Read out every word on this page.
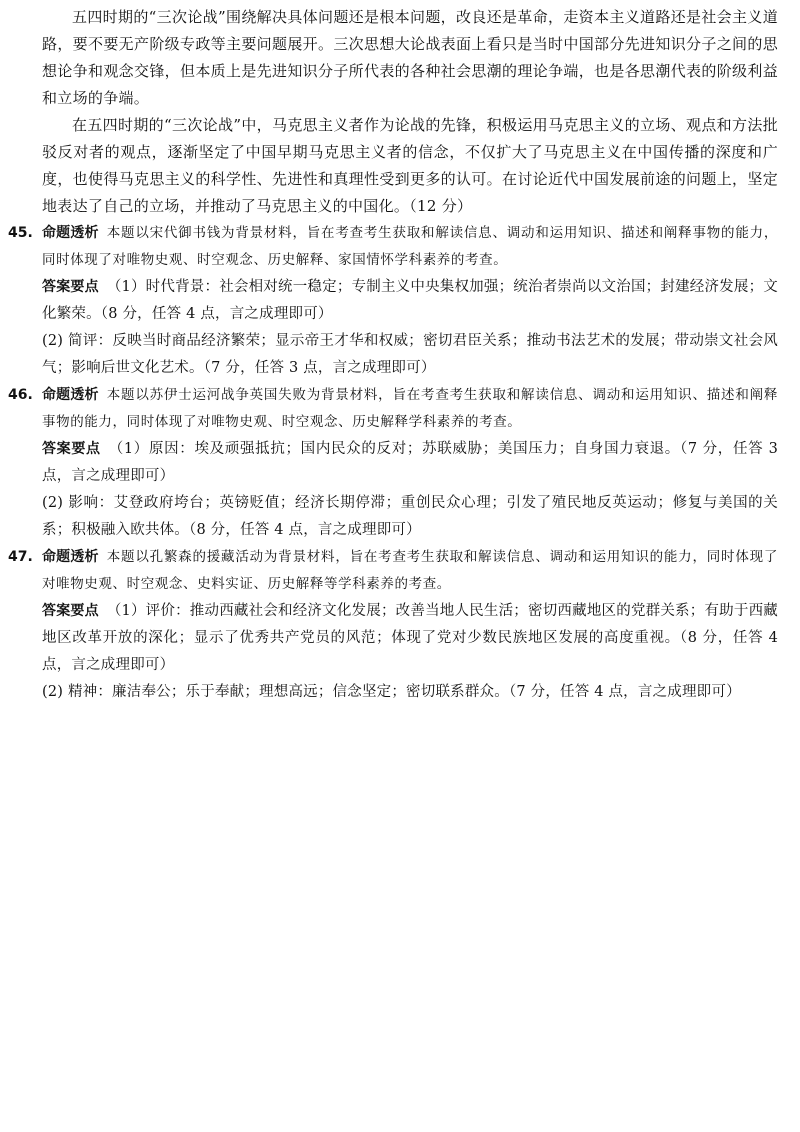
五四时期的“三次论战”围绕解决具体问题还是根本问题，改良还是革命，走资本主义道路还是社会主义道路，要不要无产阶级专政等主要问题展开。三次思想大论战表面上看只是当时中国部分先进知识分子之间的思想论争和观念交锋，但本质上是先进知识分子所代表的各种社会思潮的理论争端，也是各思潮代表的阶级利益和立场的争端。

在五四时期的“三次论战”中，马克思主义者作为论战的先锋，积极运用马克思主义的立场、观点和方法批驳反对者的观点，逐渐坚定了中国早期马克思主义者的信念，不仅扩大了马克思主义在中国传播的深度和广度，也使得马克思主义的科学性、先进性和真理性受到更多的认可。在讨论近代中国发展前途的问题上，坚定地表达了自己的立场，并推动了马克思主义的中国化。（12 分）

45. 命题透析 本题以宋代御书钱为背景材料，旨在考查考生获取和解读信息、调动和运用知识、描述和阐释事物的能力，同时体现了对唯物史观、时空观念、历史解释、家国情怀学科素养的考查。

答案要点 （1）时代背景：社会相对统一稳定；专制主义中央集权加强；统治者崇尚以文治国；封建经济发展；文化繁荣。（8 分，任答 4 点，言之成理即可）

(2) 简评：反映当时商品经济繁荣；显示帝王才华和权威；密切君臣关系；推动书法艺术的发展；带动崇文社会风气；影响后世文化艺术。（7 分，任答 3 点，言之成理即可）

46. 命题透析 本题以苏伊士运河战争英国失败为背景材料，旨在考查考生获取和解读信息、调动和运用知识、描述和阐释事物的能力，同时体现了对唯物史观、时空观念、历史解释学科素养的考查。

答案要点 （1）原因：埃及顽强抵抗；国内民众的反对；苏联威胁；美国压力；自身国力衰退。（7 分，任答 3 点，言之成理即可）

(2) 影响：艾登政府垮台；英镑贬值；经济长期停滞；重创民众心理；引发了殖民地反英运动；修复与美国的关系；积极融入欧共体。（8 分，任答 4 点，言之成理即可）

47. 命题透析 本题以孔繁森的援藏活动为背景材料，旨在考查考生获取和解读信息、调动和运用知识的能力，同时体现了对唯物史观、时空观念、史料实证、历史解释等学科素养的考查。

答案要点 （1）评价：推动西藏社会和经济文化发展；改善当地人民生活；密切西藏地区的党群关系；有助于西藏地区改革开放的深化；显示了优秀共产党员的风范；体现了党对少数民族地区发展的高度重视。（8 分，任答 4 点，言之成理即可）

(2) 精神：廉洁奉公；乐于奉献；理想高远；信念坚定；密切联系群众。（7 分，任答 4 点，言之成理即可）
